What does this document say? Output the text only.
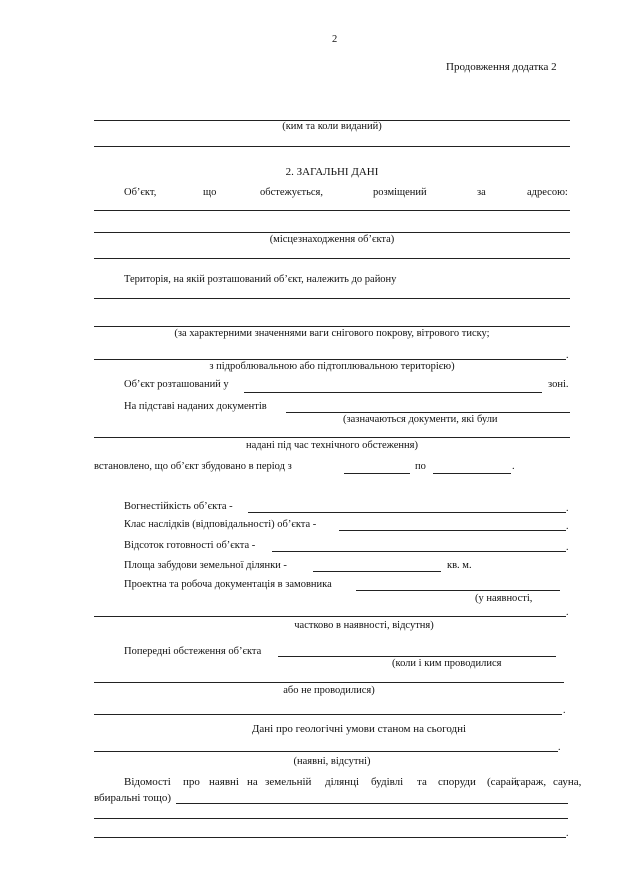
2
Продовження додатка 2
(ким та коли виданий)
2. ЗАГАЛЬНІ ДАНІ
Об’єкт,	що	обстежується,	розміщений	за	адресою:
(місцезнаходження об’єкта)
Територія, на якій розташований об’єкт, належить до району
(за характерними значеннями ваги снігового покрову, вітрового тиску;
.
з підроблювальною або підтоплювальною територією)
Об’єкт розташований у	зоні.
На підставі наданих документів
(зазначаються документи, які були
надані під час технічного обстеження)
встановлено, що об’єкт збудовано в період з	по	.
Вогнестійкість об’єкта -	.
Клас наслідків (відповідальності) об’єкта -	.
Відсоток готовності об’єкта -	.
Площа забудови земельної ділянки -	кв. м.
Проектна та робоча документація в замовника
(у наявності,
.
частково в наявності, відсутня)
Попередні обстеження об’єкта
(коли і ким проводилися
або не проводилися)
.
Дані про геологічні умови станом на сьогодні
.
(наявні, відсутні)
Відомості про наявні на земельній ділянці будівлі та споруди (сарай,
гараж, сауна,
вбиральні тощо)
.
